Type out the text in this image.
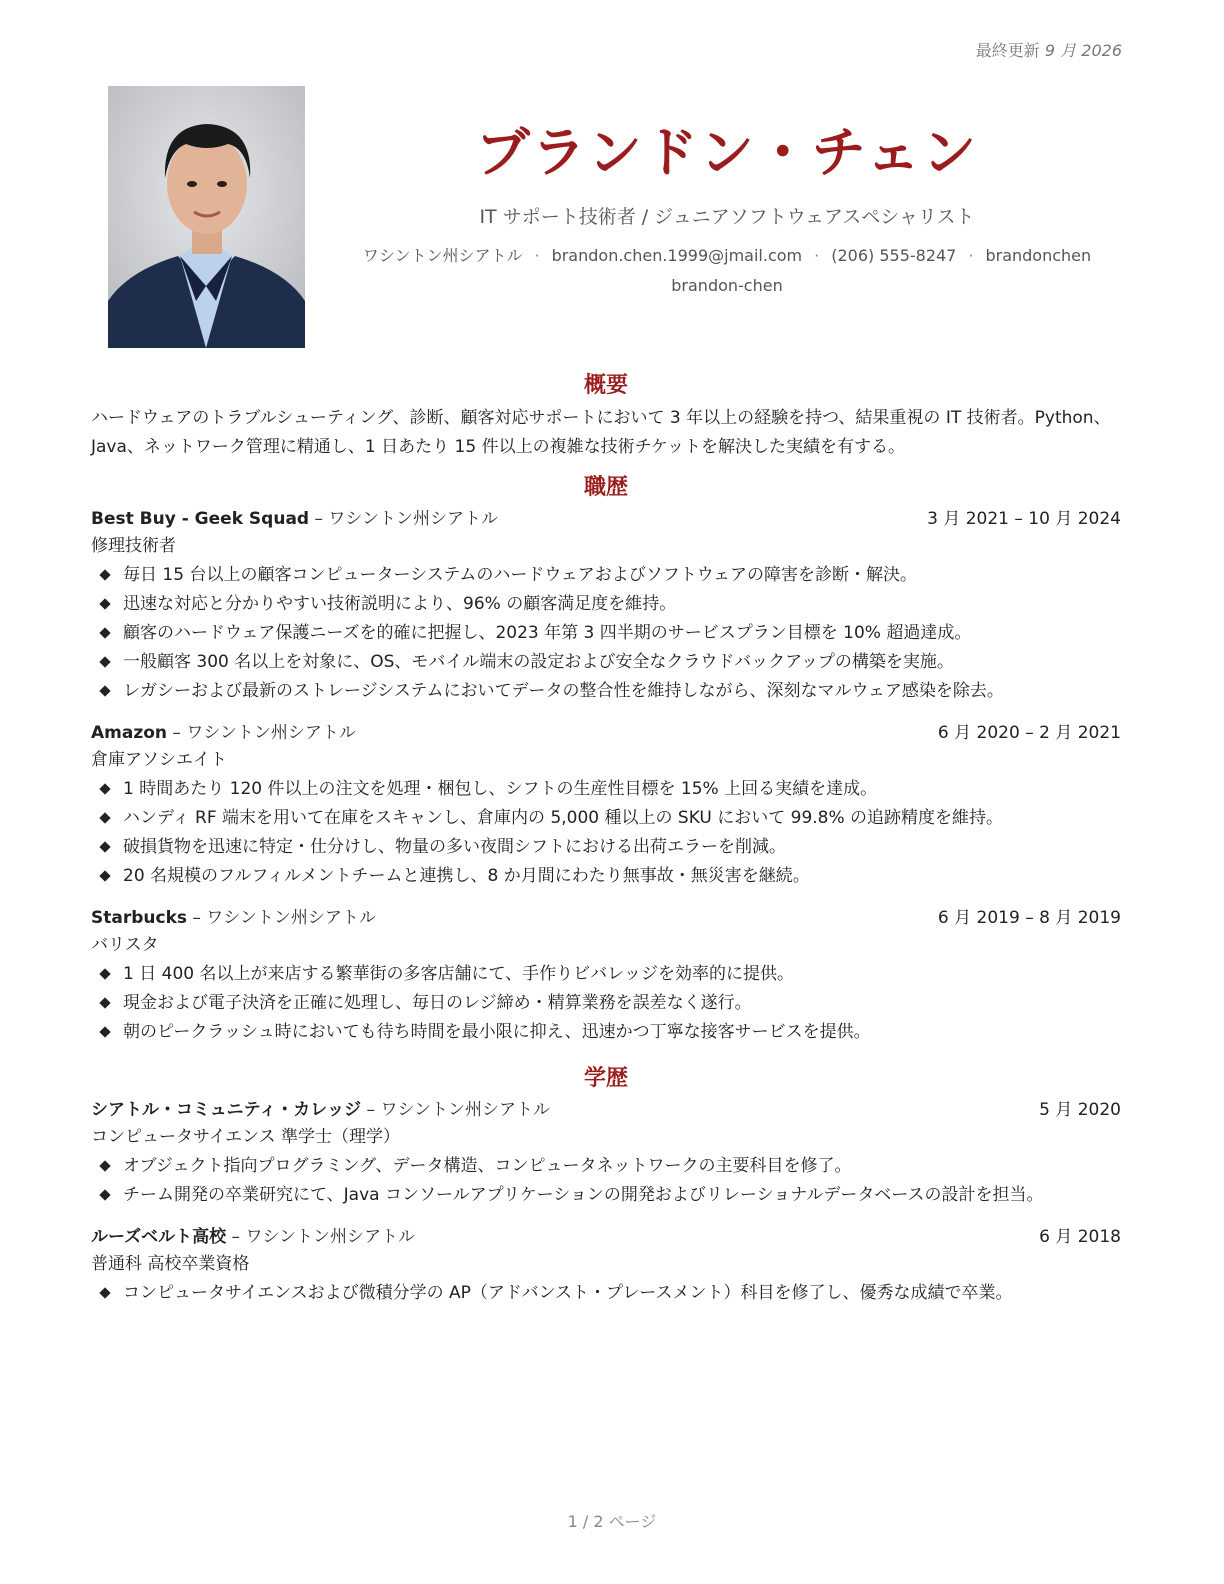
最終更新 9 月 2026
ブランドン・チェン
IT サポート技術者 / ジュニアソフトウェアスペシャリスト
ワシントン州シアトル · brandon.chen.1999@jmail.com · (206) 555-8247 · brandonchen
brandon-chen
概要

ハードウェアのトラブルシューティング、診断、顧客対応サポートにおいて 3 年以上の経験を持つ、結果重視の IT 技術者。Python、Java、ネットワーク管理に精通し、1 日あたり 15 件以上の複雑な技術チケットを解決した実績を有する。

職歴
Best Buy - Geek Squad – ワシントン州シアトル	3 月 2021 – 10 月 2024
修理技術者
毎日 15 台以上の顧客コンピューターシステムのハードウェアおよびソフトウェアの障害を診断・解決。
迅速な対応と分かりやすい技術説明により、96% の顧客満足度を維持。
顧客のハードウェア保護ニーズを的確に把握し、2023 年第 3 四半期のサービスプラン目標を 10% 超過達成。
一般顧客 300 名以上を対象に、OS、モバイル端末の設定および安全なクラウドバックアップの構築を実施。
レガシーおよび最新のストレージシステムにおいてデータの整合性を維持しながら、深刻なマルウェア感染を除去。
Amazon – ワシントン州シアトル	6 月 2020 – 2 月 2021
倉庫アソシエイト
1 時間あたり 120 件以上の注文を処理・梱包し、シフトの生産性目標を 15% 上回る実績を達成。
ハンディ RF 端末を用いて在庫をスキャンし、倉庫内の 5,000 種以上の SKU において 99.8% の追跡精度を維持。
破損貨物を迅速に特定・仕分けし、物量の多い夜間シフトにおける出荷エラーを削減。
20 名規模のフルフィルメントチームと連携し、8 か月間にわたり無事故・無災害を継続。
Starbucks – ワシントン州シアトル	6 月 2019 – 8 月 2019
バリスタ
1 日 400 名以上が来店する繁華街の多客店舗にて、手作りビバレッジを効率的に提供。
現金および電子決済を正確に処理し、毎日のレジ締め・精算業務を誤差なく遂行。
朝のピークラッシュ時においても待ち時間を最小限に抑え、迅速かつ丁寧な接客サービスを提供。
学歴
シアトル・コミュニティ・カレッジ – ワシントン州シアトル	5 月 2020
コンピュータサイエンス 準学士（理学）
オブジェクト指向プログラミング、データ構造、コンピュータネットワークの主要科目を修了。
チーム開発の卒業研究にて、Java コンソールアプリケーションの開発およびリレーショナルデータベースの設計を担当。
ルーズベルト高校 – ワシントン州シアトル	6 月 2018
普通科 高校卒業資格
コンピュータサイエンスおよび微積分学の AP（アドバンスト・プレースメント）科目を修了し、優秀な成績で卒業。
1 / 2 ページ
